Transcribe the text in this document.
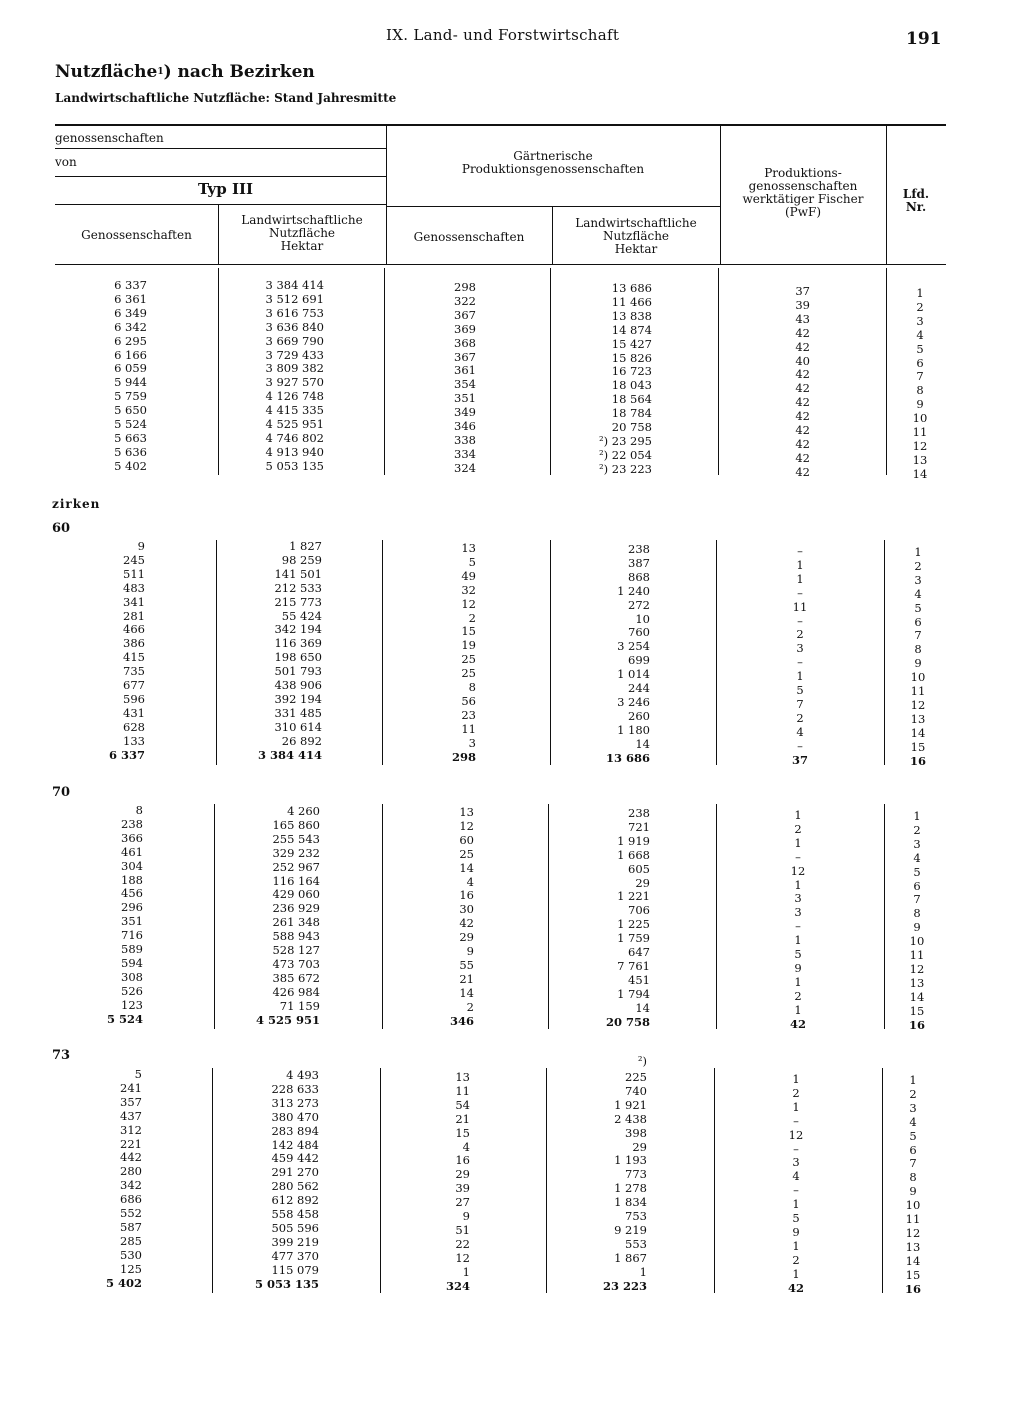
IX. Land- und Forstwirtschaft	191
Nutzfläche1) nach Bezirken
Landwirtschaftliche Nutzfläche: Stand Jahresmitte
genossenschaften
von
Typ III
Genossenschaften
Landwirtschaftliche
Nutzfläche
Hektar
Gärtnerische
Produktionsgenossenschaften
Genossenschaften
Landwirtschaftliche
Nutzfläche
Hektar
Produktions-
genossenschaften
werktätiger Fischer
(PwF)
Lfd.
Nr.
zirken
60
70
73
6 337
6 361
6 349
6 342
6 295
6 166
6 059
5 944
5 759
5 650
5 524
5 663
5 636
5 402
3 384 414
3 512 691
3 616 753
3 636 840
3 669 790
3 729 433
3 809 382
3 927 570
4 126 748
4 415 335
4 525 951
4 746 802
4 913 940
5 053 135
298
322
367
369
368
367
361
354
351
349
346
338
334
324
13 686
11 466
13 838
14 874
15 427
15 826
16 723
18 043
18 564
18 784
20 758
²) 23 295
²) 22 054
²) 23 223
37
39
43
42
42
40
42
42
42
42
42
42
42
42
1
2
3
4
5
6
7
8
9
10
11
12
13
14
9
245
511
483
341
281
466
386
415
735
677
596
431
628
133
6 337
1 827
98 259
141 501
212 533
215 773
55 424
342 194
116 369
198 650
501 793
438 906
392 194
331 485
310 614
26 892
3 384 414
13
5
49
32
12
2
15
19
25
25
8
56
23
11
3
298
238
387
868
1 240
272
10
760
3 254
699
1 014
244
3 246
260
1 180
14
13 686
–
1
1
–
11
–
2
3
–
1
5
7
2
4
–
37
1
2
3
4
5
6
7
8
9
10
11
12
13
14
15
16
8
238
366
461
304
188
456
296
351
716
589
594
308
526
123
5 524
4 260
165 860
255 543
329 232
252 967
116 164
429 060
236 929
261 348
588 943
528 127
473 703
385 672
426 984
71 159
4 525 951
13
12
60
25
14
4
16
30
42
29
9
55
21
14
2
346
238
721
1 919
1 668
605
29
1 221
706
1 225
1 759
647
7 761
451
1 794
14
20 758
1
2
1
–
12
1
3
3
–
1
5
9
1
2
1
42
1
2
3
4
5
6
7
8
9
10
11
12
13
14
15
16
5
241
357
437
312
221
442
280
342
686
552
587
285
530
125
5 402
4 493
228 633
313 273
380 470
283 894
142 484
459 442
291 270
280 562
612 892
558 458
505 596
399 219
477 370
115 079
5 053 135
13
11
54
21
15
4
16
29
39
27
9
51
22
12
1
324
²)
225
740
1 921
2 438
398
29
1 193
773
1 278
1 834
753
9 219
553
1 867
1
23 223
1
2
1
–
12
–
3
4
–
1
5
9
1
2
1
42
1
2
3
4
5
6
7
8
9
10
11
12
13
14
15
16
